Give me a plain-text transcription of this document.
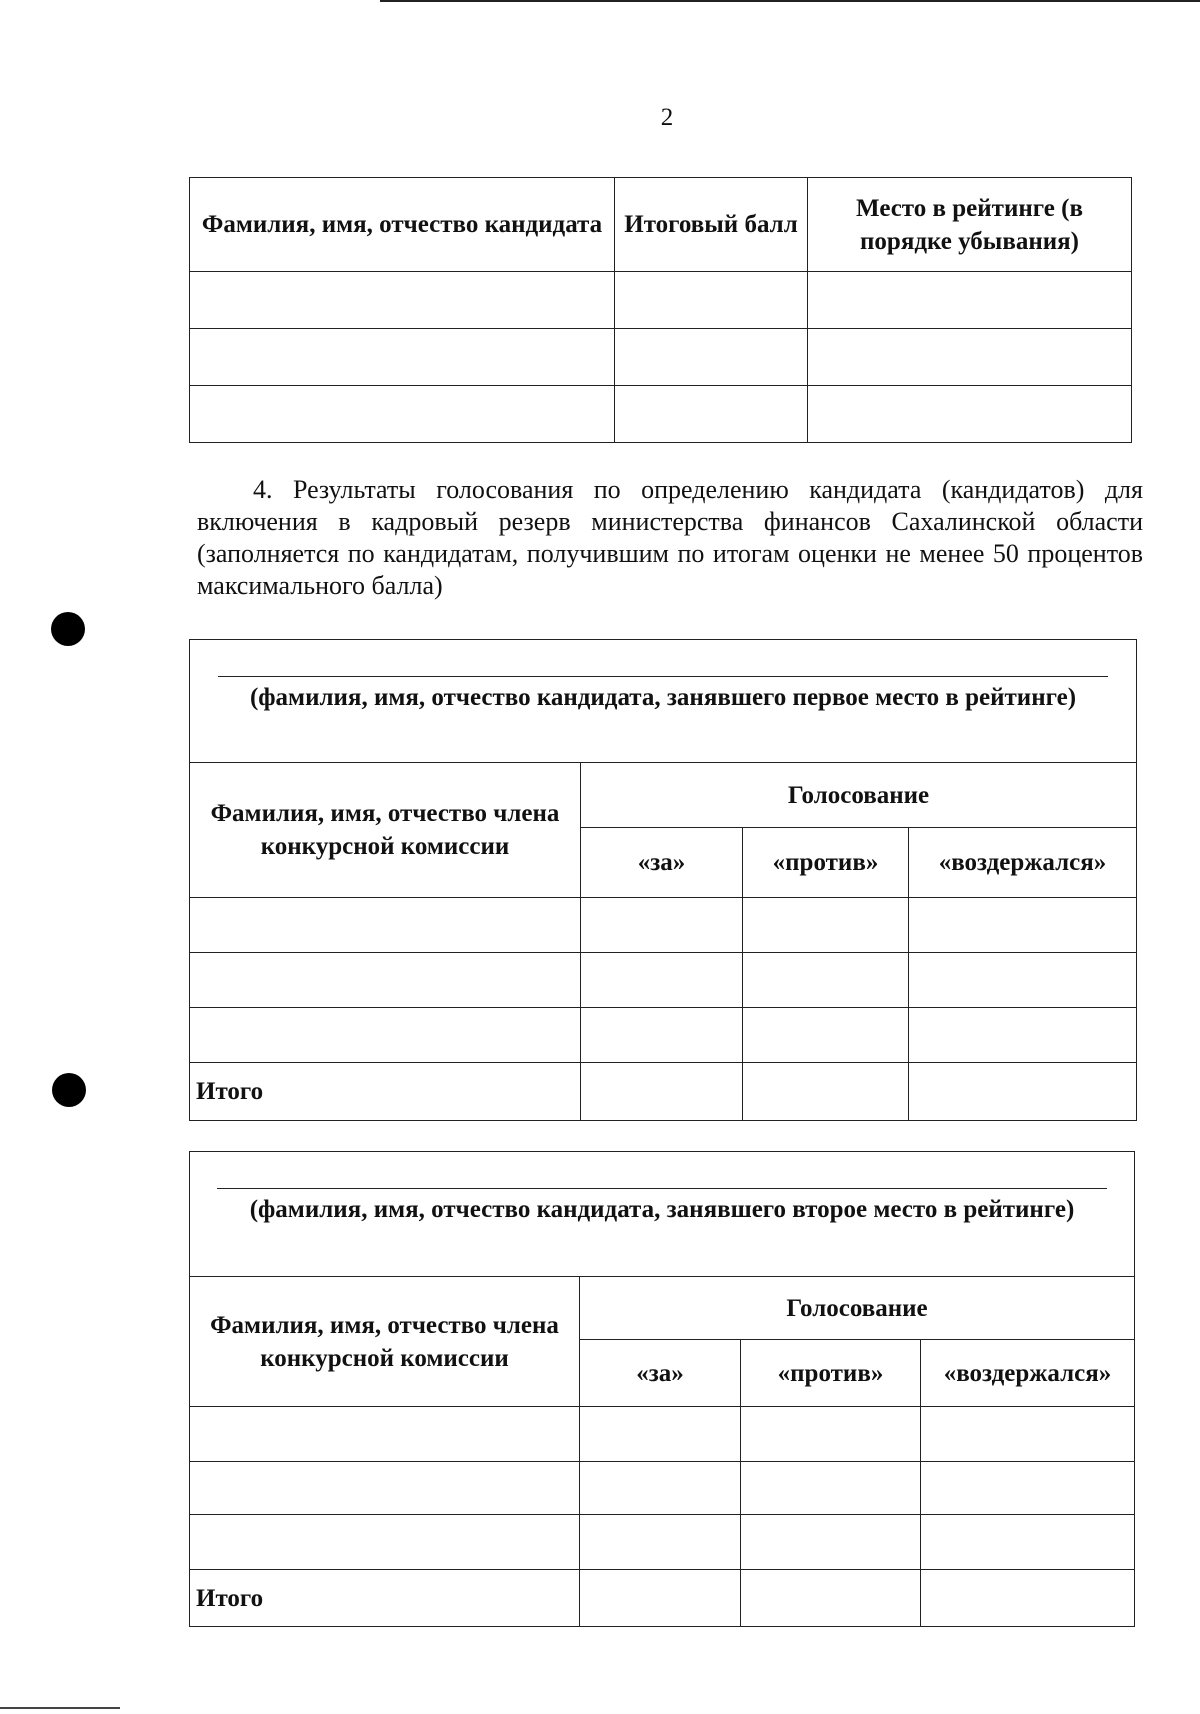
2
Фамилия, имя, отчество кандидата	Итоговый балл	Место в рейтинге (в порядке убывания)

4. Результаты голосования по определению кандидата (кандидатов) для включения в кадровый резерв министерства финансов Сахалинской области (заполняется по кандидатам, получившим по итогам оценки не менее 50 процентов максимального балла)
(фамилия, имя, отчество кандидата, занявшего первое место в рейтинге)			

Фамилия, имя, отчество члена конкурсной комиссии	Голосование		
	«за»	«против»	«воздержался»

Итого			
(фамилия, имя, отчество кандидата, занявшего второе место в рейтинге)			

Фамилия, имя, отчество члена конкурсной комиссии	Голосование		
	«за»	«против»	«воздержался»

Итого			
